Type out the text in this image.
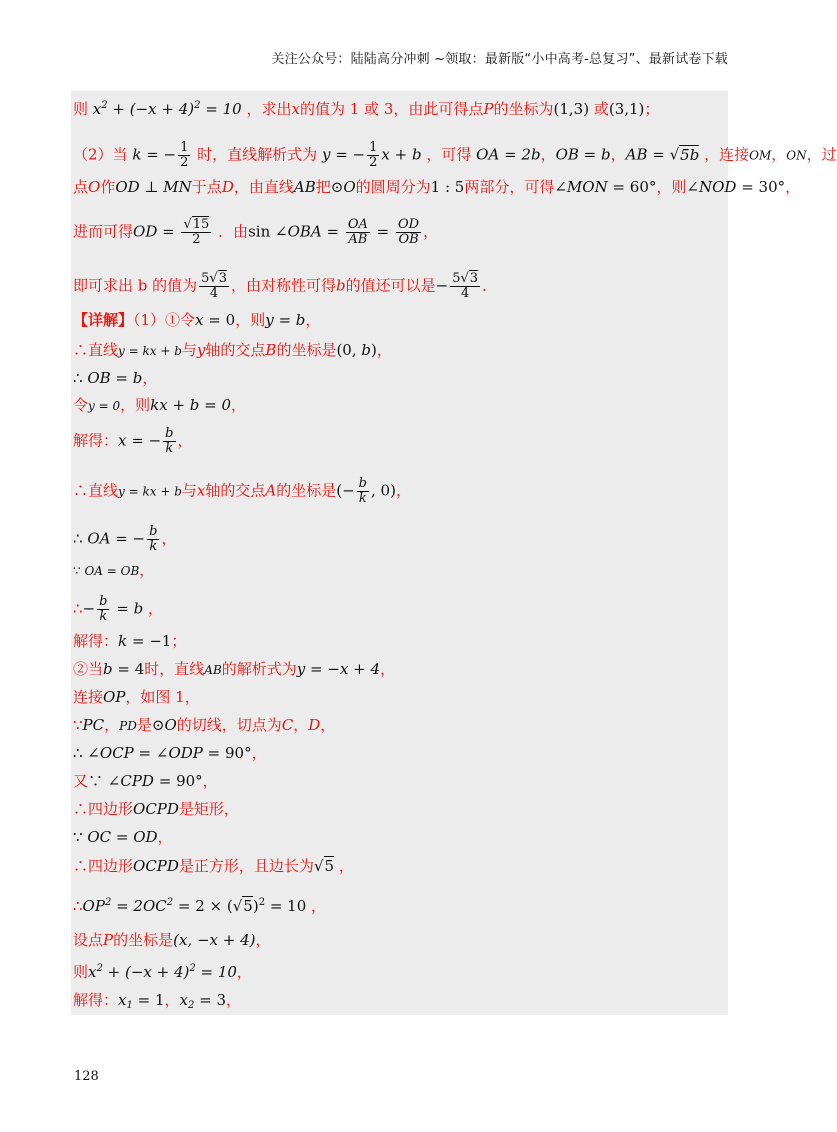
关注公众号：陆陆高分冲刺 ~领取：最新版“小中高考-总复习”、最新试卷下载
则 $x^2 + (-x + 4)^2 = 10$ ，求出x的值为 1 或 3，由此可得点P的坐标为(1,3) 或(3,1)；
（2）当 k = − $\frac{1}{2}$ 时，直线解析式为 y = − $\frac{1}{2}$ x + b ，可得 OA = 2b，OB = b，AB = √5b ，连接OM，ON，过
点O作OD ⊥ MN于点D，由直线AB把⊙O的圆周分为1 : 5两部分，可得∠MON = 60°，则∠NOD = 30°，
进而可得OD = $\frac{√15}{2}$ ．由sin ∠OBA = $\frac{OA}{AB} = \frac{OD}{OB}$ ，
即可求出 b 的值为 $\frac{5√3}{4}$ ，由对称性可得b的值还可以是− $\frac{5√3}{4}$ ．
【详解】（1）①令x = 0，则y = b，
∴直线y = kx + b与y轴的交点B的坐标是(0, b)，
∴ OB = b，
令y = 0，则kx + b = 0，
解得：x = − $\frac{b}{k}$ ，
∴直线y = kx + b与x轴的交点A的坐标是(− $\frac{b}{k}$ , 0)，
∴ OA = − $\frac{b}{k}$ ，
∵ OA = OB，
∴− $\frac{b}{k} = b$ ，
解得：k = −1；
②当b = 4时，直线AB的解析式为y = −x + 4，
连接OP，如图 1，
∵PC，PD是⊙O的切线，切点为C，D，
∴ ∠OCP = ∠ODP = 90°，
又∵ ∠CPD = 90°，
∴四边形OCPD是矩形，
∵ OC = OD，
∴四边形OCPD是正方形，且边长为√5 ，
$\therefore OP^2 = 2OC^2 = 2 \times (√5)^2 = 10$ ，
设点P的坐标是(x, −x + 4)，
则$x^2 + (-x + 4)^2 = 10$，
解得：$x_1 = 1$，$x_2 = 3$，
128
